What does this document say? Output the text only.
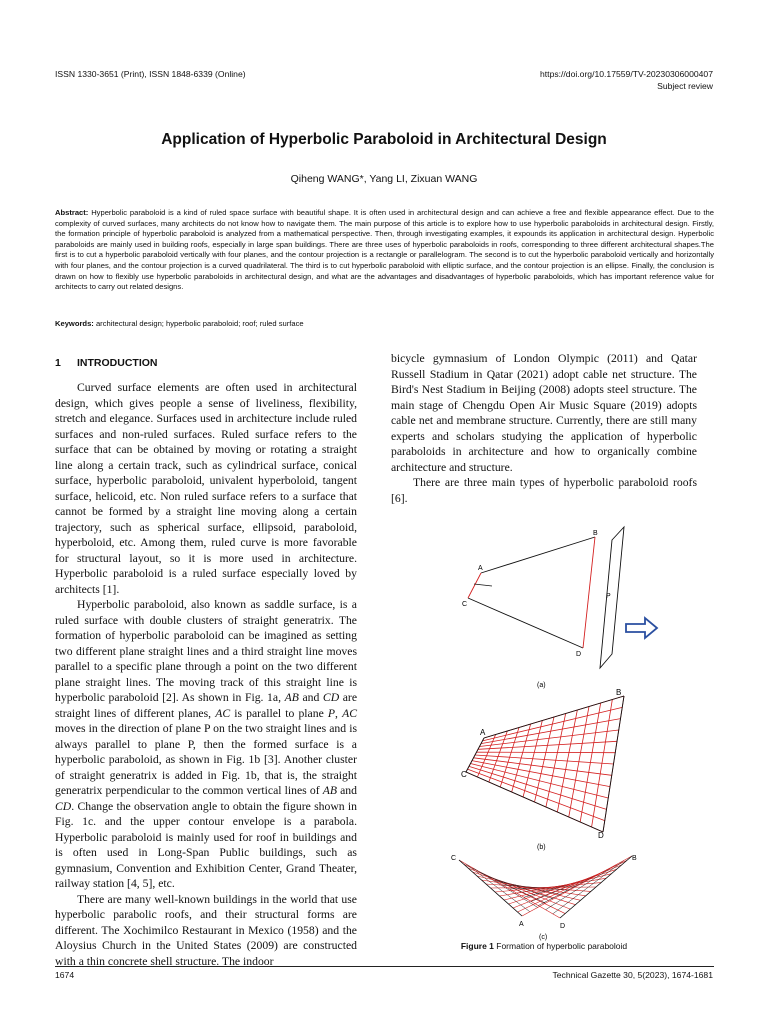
ISSN 1330-3651 (Print), ISSN 1848-6339 (Online)	https://doi.org/10.17559/TV-20230306000407
Subject review
Application of Hyperbolic Paraboloid in Architectural Design
Qiheng WANG*, Yang LI, Zixuan WANG
Abstract: Hyperbolic paraboloid is a kind of ruled space surface with beautiful shape. It is often used in architectural design and can achieve a free and flexible appearance effect. Due to the complexity of curved surfaces, many architects do not know how to navigate them. The main purpose of this article is to explore how to use hyperbolic paraboloids in architectural design. Firstly, the formation principle of hyperbolic paraboloid is analyzed from a mathematical perspective. Then, through investigating examples, it expounds its application in architectural design. Hyperbolic paraboloids are mainly used in building roofs, especially in large span buildings. There are three uses of hyperbolic paraboloids in roofs, corresponding to three different architectural shapes.The first is to cut a hyperbolic paraboloid vertically with four planes, and the contour projection is a rectangle or parallelogram. The second is to cut the hyperbolic paraboloid vertically and horizontally with four planes, and the contour projection is a curved quadrilateral. The third is to cut hyperbolic paraboloid with elliptic surface, and the contour projection is an ellipse. Finally, the conclusion is drawn on how to flexibly use hyperbolic paraboloids in architectural design, and what are the advantages and disadvantages of hyperbolic paraboloids, which has important reference value for architects to carry out related designs.
Keywords: architectural design; hyperbolic paraboloid; roof; ruled surface
1 INTRODUCTION

Curved surface elements are often used in architectural design, which gives people a sense of liveliness, flexibility, stretch and elegance. Surfaces used in architecture include ruled surfaces and non-ruled surfaces. Ruled surface refers to the surface that can be obtained by moving or rotating a straight line along a certain track, such as cylindrical surface, conical surface, hyperbolic paraboloid, univalent hyperboloid, tangent surface, helicoid, etc. Non ruled surface refers to a surface that cannot be formed by a straight line moving along a certain trajectory, such as spherical surface, ellipsoid, paraboloid, hyperboloid, etc. Among them, ruled curve is more favorable for structural layout, so it is more used in architecture. Hyperbolic paraboloid is a ruled surface especially loved by architects [1].

Hyperbolic paraboloid, also known as saddle surface, is a ruled surface with double clusters of straight generatrix. The formation of hyperbolic paraboloid can be imagined as setting two different plane straight lines and a third straight line moves parallel to a specific plane through a point on the two different plane straight lines. The moving track of this straight line is hyperbolic paraboloid [2]. As shown in Fig. 1a, AB and CD are straight lines of different planes, AC is parallel to plane P, AC moves in the direction of plane P on the two straight lines and is always parallel to plane P, then the formed surface is a hyperbolic paraboloid, as shown in Fig. 1b [3]. Another cluster of straight generatrix is added in Fig. 1b, that is, the straight generatrix perpendicular to the common vertical lines of AB and CD. Change the observation angle to obtain the figure shown in Fig. 1c. and the upper contour envelope is a parabola. Hyperbolic paraboloid is mainly used for roof in buildings and is often used in Long-Span Public buildings, such as gymnasium, Convention and Exhibition Center, Grand Theater, railway station [4, 5], etc.

There are many well-known buildings in the world that use hyperbolic parabolic roofs, and their structural forms are different. The Xochimilco Restaurant in Mexico (1958) and the Aloysius Church in the United States (2009) are constructed with a thin concrete shell structure. The indoor

bicycle gymnasium of London Olympic (2011) and Qatar Russell Stadium in Qatar (2021) adopt cable net structure. The Bird's Nest Stadium in Beijing (2008) adopts steel structure. The main stage of Chengdu Open Air Music Square (2019) adopts cable net and membrane structure. Currently, there are still many experts and scholars studying the application of hyperbolic paraboloids in architecture and how to organically combine architecture and structure.

There are three main types of hyperbolic paraboloid roofs [6].

A
B
C
D
P
(a)
B
A
C
D
(b)
C	B
A	D
(c)
Figure 1 Formation of hyperbolic paraboloid
1674	Technical Gazette 30, 5(2023), 1674-1681
